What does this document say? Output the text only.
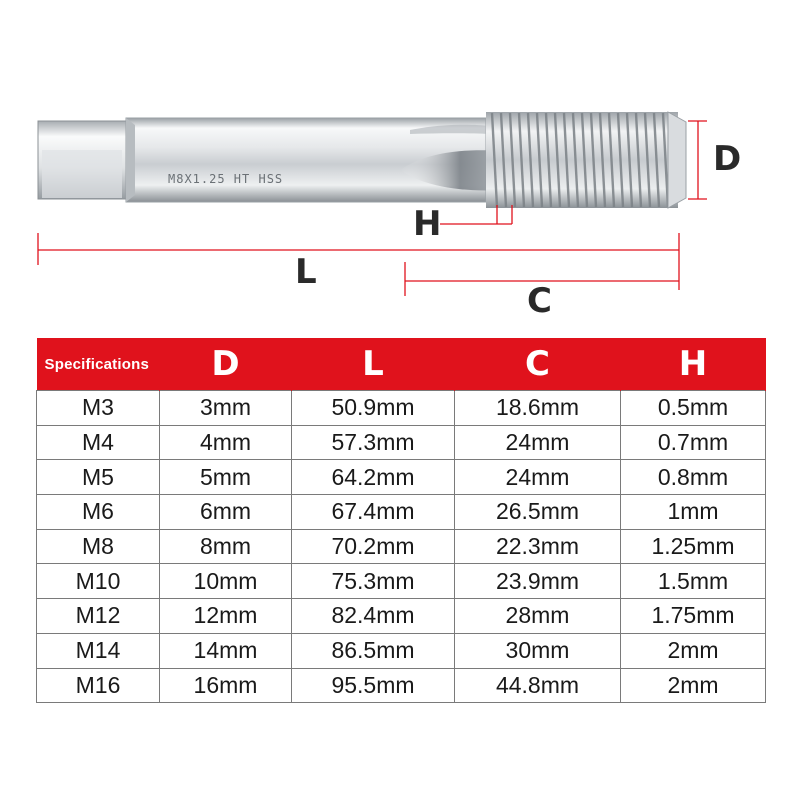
M8X1.25 HT HSS	D
H
L
C
Specifications	D	L	C	H
M3	3mm	50.9mm	18.6mm	0.5mm
M4	4mm	57.3mm	24mm	0.7mm
M5	5mm	64.2mm	24mm	0.8mm
M6	6mm	67.4mm	26.5mm	1mm
M8	8mm	70.2mm	22.3mm	1.25mm
M10	10mm	75.3mm	23.9mm	1.5mm
M12	12mm	82.4mm	28mm	1.75mm
M14	14mm	86.5mm	30mm	2mm
M16	16mm	95.5mm	44.8mm	2mm
